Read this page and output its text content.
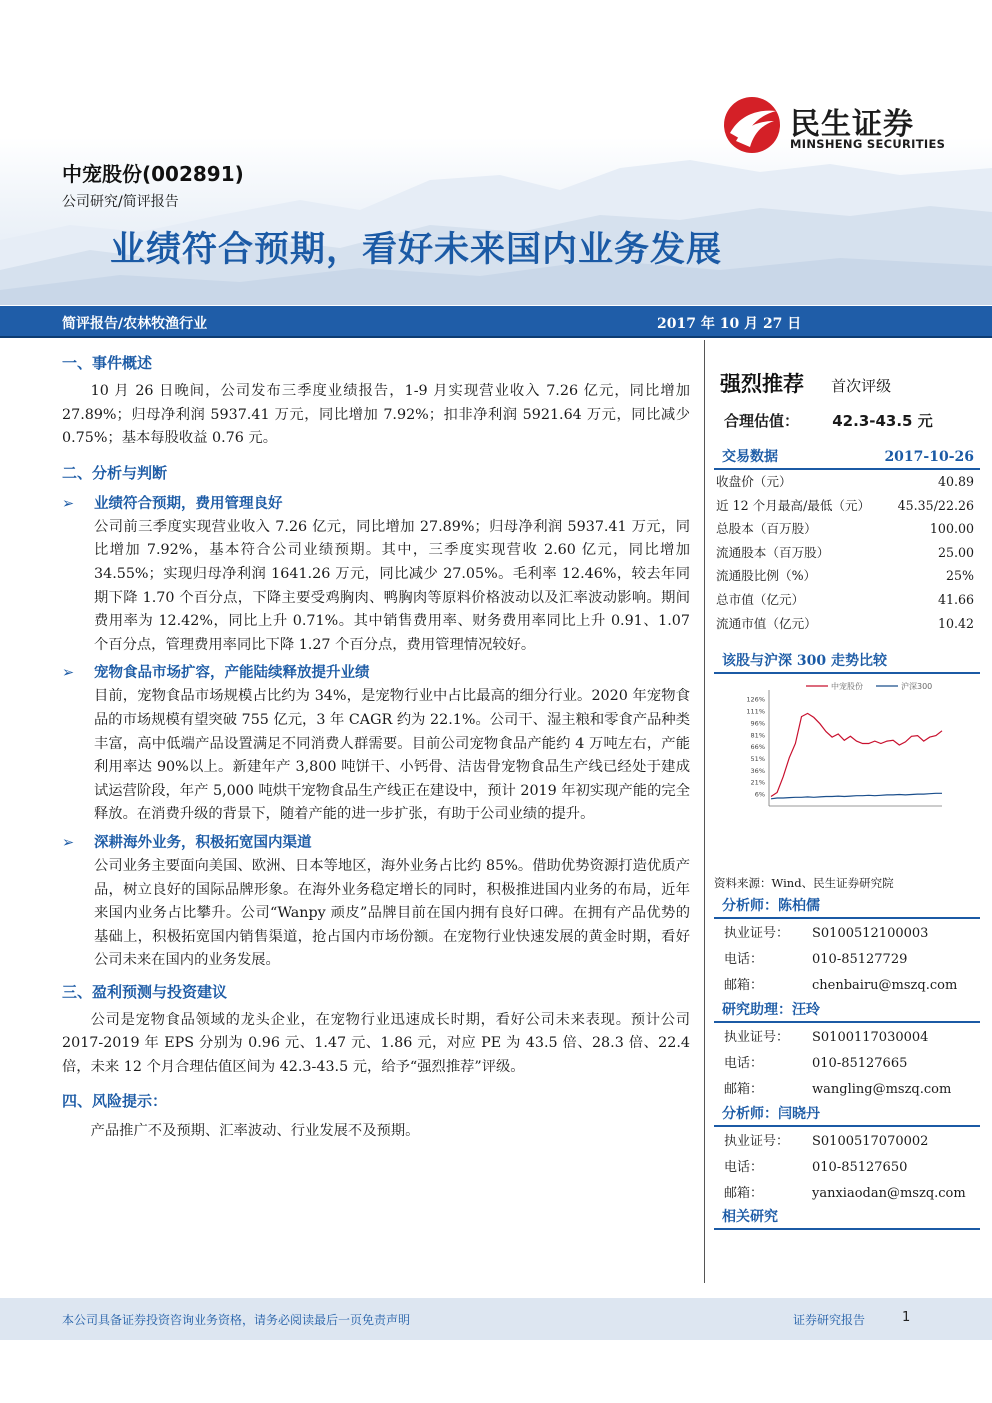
民生证券
MINSHENG SECURITIES
中宠股份(002891)
公司研究/简评报告
业绩符合预期，看好未来国内业务发展
简评报告/农林牧渔行业	2017 年 10 月 27 日
一、事件概述

10 月 26 日晚间，公司发布三季度业绩报告，1-9 月实现营业收入 7.26 亿元，同比增加 27.89%；归母净利润 5937.41 万元，同比增加 7.92%；扣非净利润 5921.64 万元，同比减少 0.75%；基本每股收益 0.76 元。

二、分析与判断
➢ 业绩符合预期，费用管理良好

公司前三季度实现营业收入 7.26 亿元，同比增加 27.89%；归母净利润 5937.41 万元，同比增加 7.92%，基本符合公司业绩预期。其中，三季度实现营收 2.60 亿元，同比增加 34.55%；实现归母净利润 1641.26 万元，同比减少 27.05%。毛利率 12.46%，较去年同期下降 1.70 个百分点，下降主要受鸡胸肉、鸭胸肉等原料价格波动以及汇率波动影响。期间费用率为 12.42%，同比上升 0.71%。其中销售费用率、财务费用率同比上升 0.91、1.07 个百分点，管理费用率同比下降 1.27 个百分点，费用管理情况较好。

➢ 宠物食品市场扩容，产能陆续释放提升业绩

目前，宠物食品市场规模占比约为 34%，是宠物行业中占比最高的细分行业。2020 年宠物食品的市场规模有望突破 755 亿元，3 年 CAGR 约为 22.1%。公司干、湿主粮和零食产品种类丰富，高中低端产品设置满足不同消费人群需要。目前公司宠物食品产能约 4 万吨左右，产能利用率达 90%以上。新建年产 3,800 吨饼干、小钙骨、洁齿骨宠物食品生产线已经处于建成试运营阶段，年产 5,000 吨烘干宠物食品生产线正在建设中，预计 2019 年初实现产能的完全释放。在消费升级的背景下，随着产能的进一步扩张，有助于公司业绩的提升。

➢ 深耕海外业务，积极拓宽国内渠道

公司业务主要面向美国、欧洲、日本等地区，海外业务占比约 85%。借助优势资源打造优质产品，树立良好的国际品牌形象。在海外业务稳定增长的同时，积极推进国内业务的布局，近年来国内业务占比攀升。公司“Wanpy 顽皮”品牌目前在国内拥有良好口碑。在拥有产品优势的基础上，积极拓宽国内销售渠道，抢占国内市场份额。在宠物行业快速发展的黄金时期，看好公司未来在国内的业务发展。

三、盈利预测与投资建议

公司是宠物食品领域的龙头企业，在宠物行业迅速成长时期，看好公司未来表现。预计公司 2017-2019 年 EPS 分别为 0.96 元、1.47 元、1.86 元，对应 PE 为 43.5 倍、28.3 倍、22.4 倍，未来 12 个月合理估值区间为 42.3-43.5 元，给予“强烈推荐”评级。

四、风险提示：

产品推广不及预期、汇率波动、行业发展不及预期。

强烈推荐 首次评级
合理估值： 42.3-43.5 元
交易数据	2017-10-26
收盘价（元）	40.89
近 12 个月最高/最低（元） 45.35/22.26
总股本（百万股）	100.00
流通股本（百万股）	25.00
流通股比例（%）	25%
总市值（亿元）	41.66
流通市值（亿元）	10.42
该股与沪深 300 走势比较
中宠股份	沪深300
126%
111%
96%
81%
66%
51%
36%
21%
6%
资料来源：Wind、民生证券研究院
分析师：陈柏儒
执业证号： S0100512100003
电话：	010-85127729
邮箱：	chenbairu@mszq.com
研究助理：汪玲
执业证号： S0100117030004
电话：	010-85127665
邮箱：	wangling@mszq.com
分析师：闫晓丹
执业证号： S0100517070002
电话：	010-85127650
邮箱：	yanxiaodan@mszq.com
相关研究
本公司具备证券投资咨询业务资格，请务必阅读最后一页免责声明	证券研究报告	1
